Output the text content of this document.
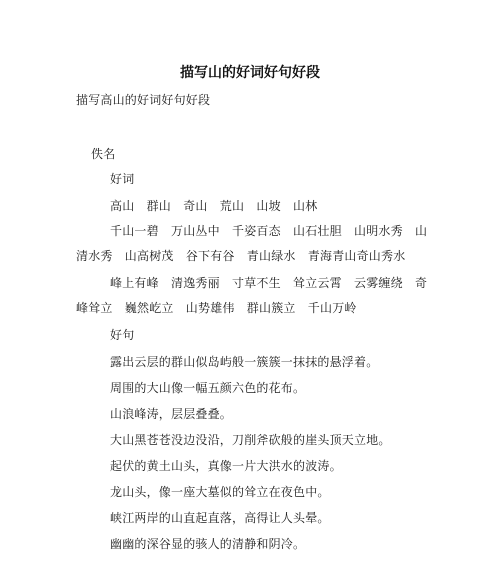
描写山的好词好句好段
描写高山的好词好句好段
佚名
好词
高山　群山　奇山　荒山　山坡　山林
千山一碧　万山丛中　千姿百态　山石壮胆　山明水秀　山
清水秀　山高树茂　谷下有谷　青山绿水　青海青山奇山秀水
峰上有峰　清逸秀丽　寸草不生　耸立云霄　云雾缠绕　奇
峰耸立　巍然屹立　山势雄伟　群山簇立　千山万岭
好句
露出云层的群山似岛屿般一簇簇一抹抹的悬浮着。
周围的大山像一幅五颜六色的花布。
山浪峰涛，层层叠叠。
大山黑苍苍没边没沿，刀削斧砍般的崖头顶天立地。
起伏的黄土山头，真像一片大洪水的波涛。
龙山头，像一座大墓似的耸立在夜色中。
峡江两岸的山直起直落，高得让人头晕。
幽幽的深谷显的骇人的清静和阴冷。
